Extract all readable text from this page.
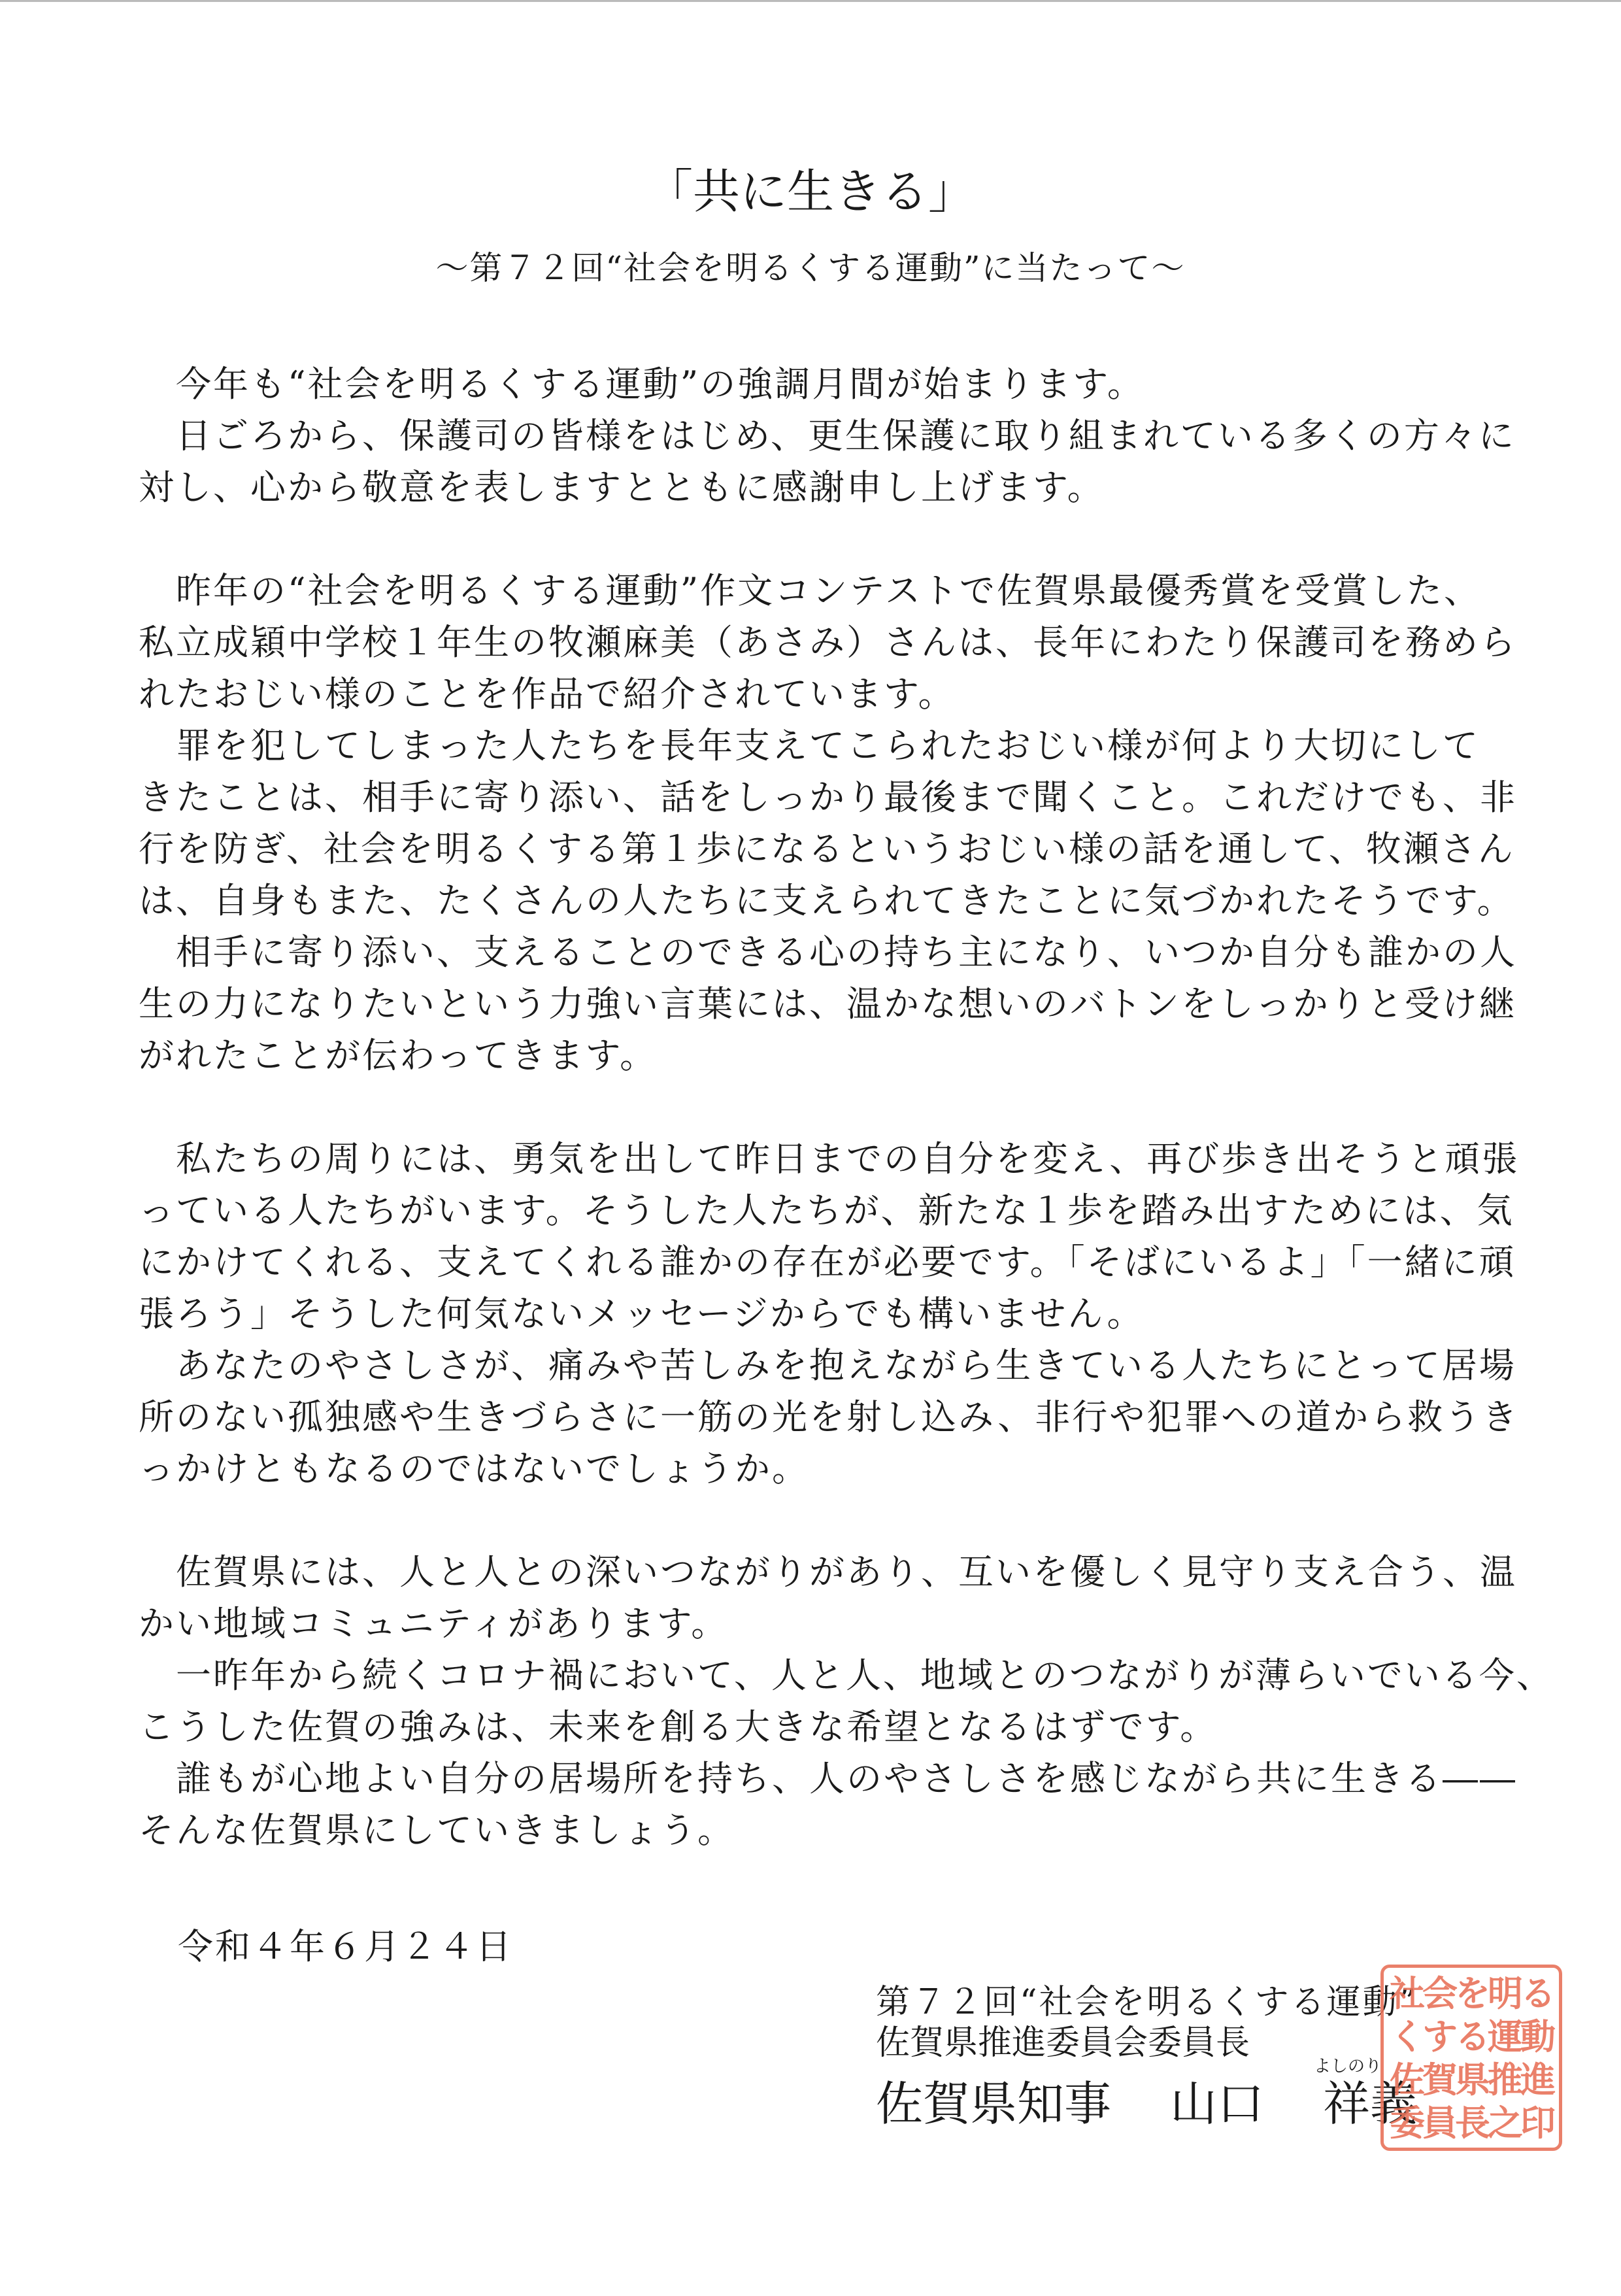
「共に生きる」
～第７２回“社会を明るくする運動”に当たって～
　今年も“社会を明るくする運動”の強調月間が始まります。
　日ごろから、保護司の皆様をはじめ、更生保護に取り組まれている多くの方々に
対し、心から敬意を表しますとともに感謝申し上げます。
　昨年の“社会を明るくする運動”作文コンテストで佐賀県最優秀賞を受賞した、
私立成穎中学校１年生の牧瀬麻美（あさみ）さんは、長年にわたり保護司を務めら
れたおじい様のことを作品で紹介されています。
　罪を犯してしまった人たちを長年支えてこられたおじい様が何より大切にして
きたことは、相手に寄り添い、話をしっかり最後まで聞くこと。これだけでも、非
行を防ぎ、社会を明るくする第１歩になるというおじい様の話を通して、牧瀬さん
は、自身もまた、たくさんの人たちに支えられてきたことに気づかれたそうです。
　相手に寄り添い、支えることのできる心の持ち主になり、いつか自分も誰かの人
生の力になりたいという力強い言葉には、温かな想いのバトンをしっかりと受け継
がれたことが伝わってきます。
　私たちの周りには、勇気を出して昨日までの自分を変え、再び歩き出そうと頑張
っている人たちがいます。そうした人たちが、新たな１歩を踏み出すためには、気
にかけてくれる、支えてくれる誰かの存在が必要です。「そばにいるよ」「一緒に頑
張ろう」そうした何気ないメッセージからでも構いません。
　あなたのやさしさが、痛みや苦しみを抱えながら生きている人たちにとって居場
所のない孤独感や生きづらさに一筋の光を射し込み、非行や犯罪への道から救うき
っかけともなるのではないでしょうか。
　佐賀県には、人と人との深いつながりがあり、互いを優しく見守り支え合う、温
かい地域コミュニティがあります。
　一昨年から続くコロナ禍において、人と人、地域とのつながりが薄らいでいる今、
こうした佐賀の強みは、未来を創る大きな希望となるはずです。
　誰もが心地よい自分の居場所を持ち、人のやさしさを感じながら共に生きる――
そんな佐賀県にしていきましょう。
令和４年６月２４日
第７２回“社会を明るくする運動”
佐賀県推進委員会委員長
よしのり
佐賀県知事 山口 祥義
社会を明る
くする運動
佐賀県推進
委員長之印
